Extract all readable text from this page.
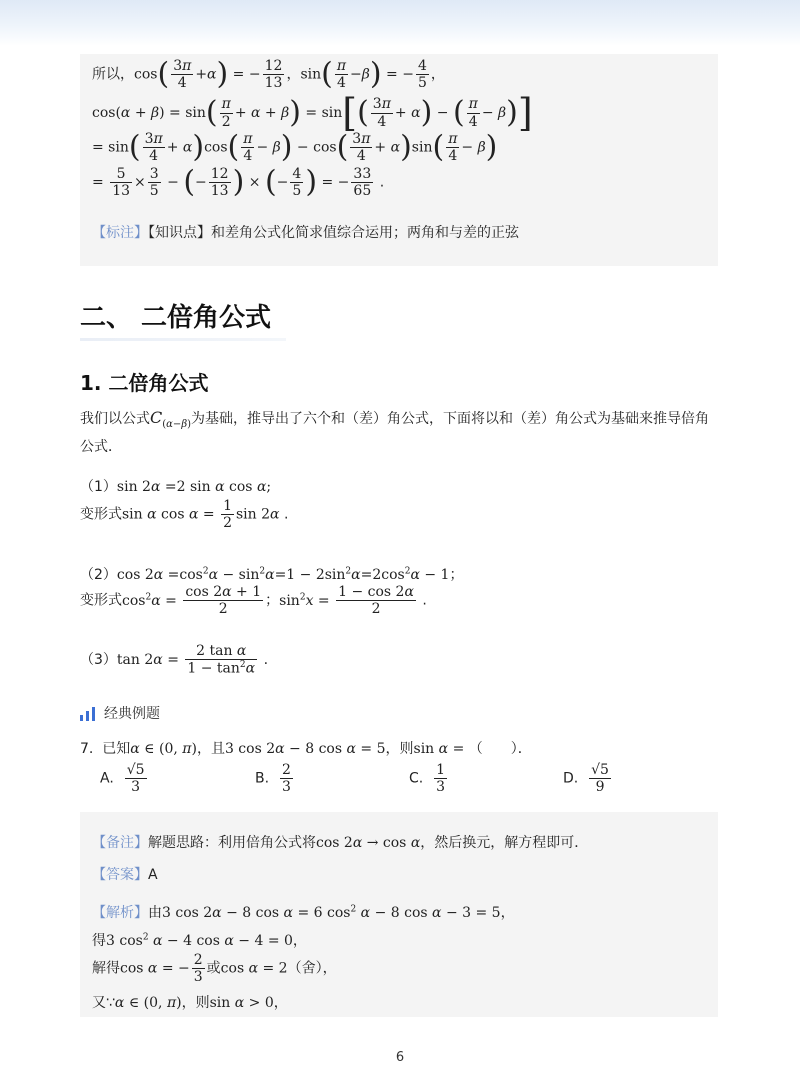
所以，$\cos( \frac{3\pi}{4} +\alpha)$ = − $\frac{12}{13}$ ，$\sin( \frac{\pi}{4} -\beta)$ = − $\frac{4}{5}$ ，
$\cos(\alpha + \beta) = \sin( \frac{\pi}{2} + \alpha + \beta) = \sin[( \frac{3\pi}{4} + \alpha)$ − ( $\frac{\pi}{4} - \beta$)]
= $\sin( \frac{3\pi}{4} + \alpha)\cos( \frac{\pi}{4} - \beta) - \cos( \frac{3\pi}{4} + \alpha)\sin( \frac{\pi}{4} - \beta)$
= $\frac{5}{13} \times \frac{3}{5}$ − (− $\frac{12}{13}$ ) × (− $\frac{4}{5}$ ) = − $\frac{33}{65}$ .
【标注】【知识点】和差角公式化简求值综合运用；两角和与差的正弦
二、 二倍角公式
1. 二倍角公式
我们以公式$C_{(\alpha-\beta)}$为基础，推导出了六个和（差）角公式，下面将以和（差）角公式为基础来推导倍角
公式．
（1）sin 2α =2 sin α cos α;
变形式sin α $\cos \alpha = \frac{1}{2}$ sin 2α .
（2）cos $2\alpha =\cos^2\alpha - \sin^2\alpha=1 - 2\sin^2\alpha=2\cos^2\alpha - 1$；
变形式$\cos^2\alpha = \frac{\cos 2\alpha + 1}{2}$ ；$\sin^2x = \frac{1 - \cos 2\alpha}{2}$ .
（3）tan $2\alpha = \frac{\text{2 tan α}}{1 - \tan^2\alpha}$ .
经典例题
7. 已知α ∈ (0, π)，且3 cos 2α − 8 cos α = 5，则sin α = （　　）．
A. $\frac{√5}{3}$	B. $\frac{2}{3}$	C. $\frac{1}{3}$	D. $\frac{√5}{9}$
【备注】解题思路：利用倍角公式将cos 2α → cos α，然后换元，解方程即可．
【答案】A
【解析】由3 cos 2α − 8 cos α = 6 $\cos^2 \alpha - 8$ cos α − 3 = 5，
得3 $\cos^2 \alpha - 4$ cos α − 4 = 0，
解得cos α = − $\frac{2}{3}$ 或cos α = 2（舍），
又∵α ∈ (0, π)，则sin α > 0，
6
